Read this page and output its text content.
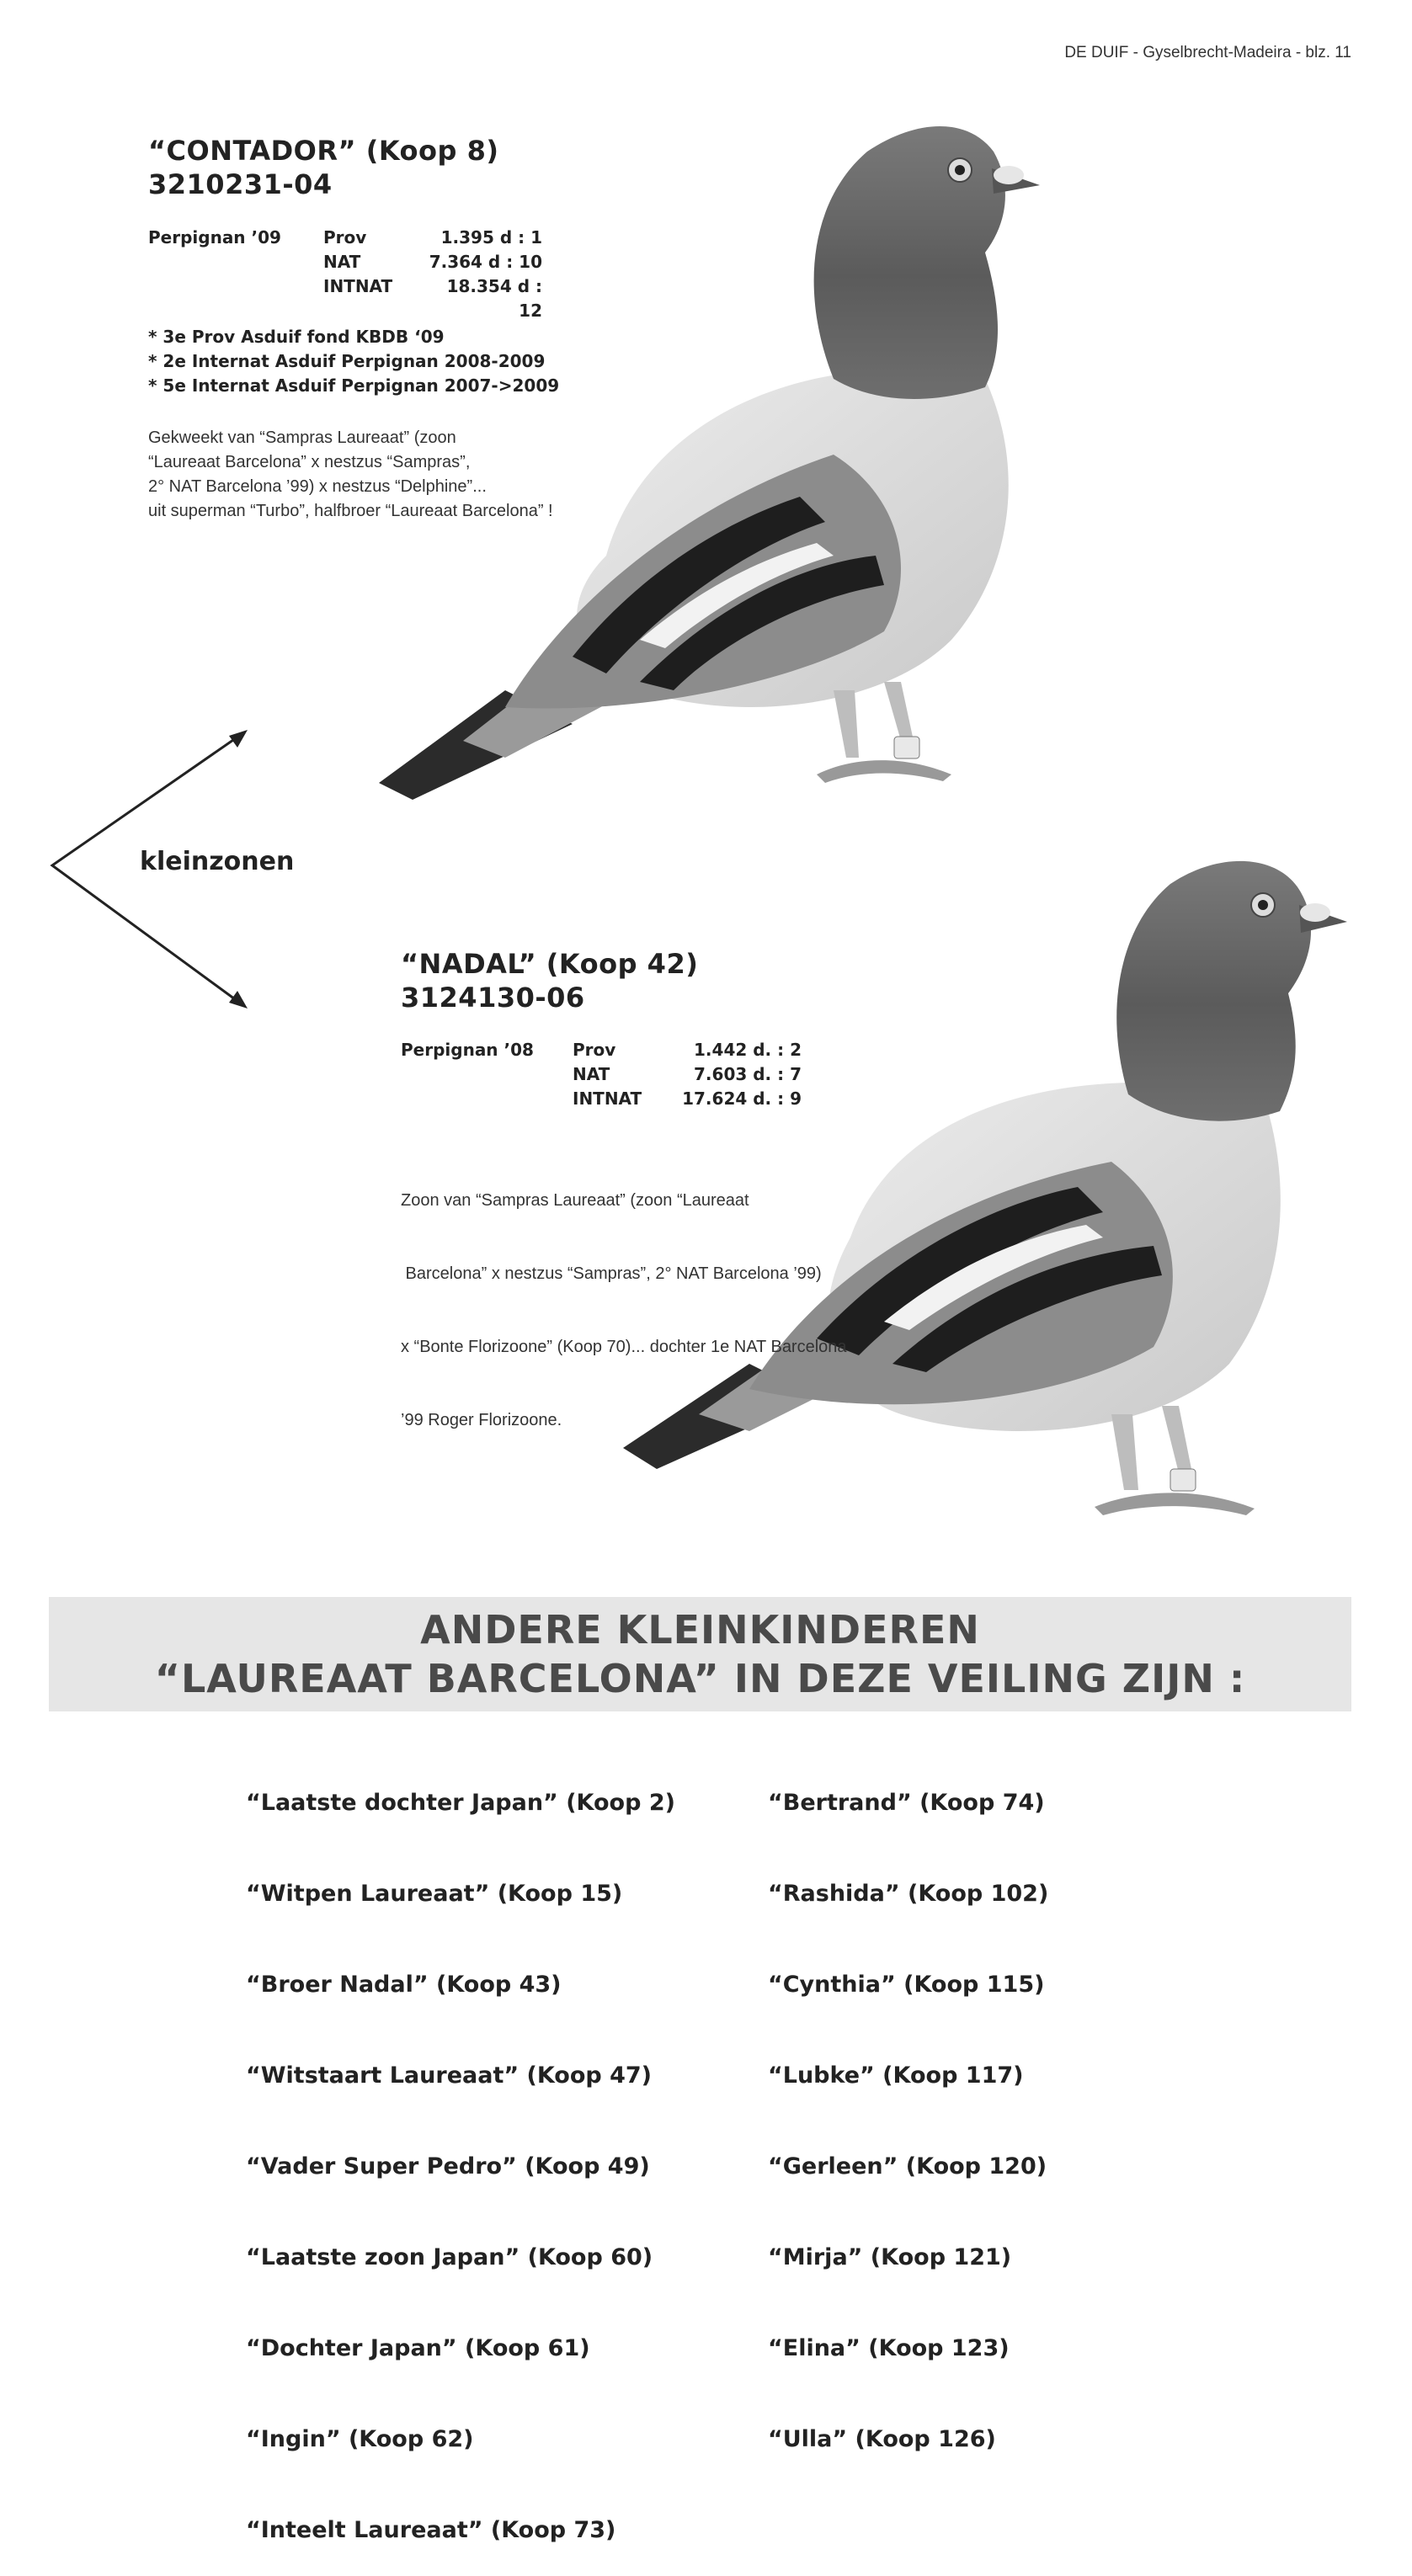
DE DUIF - Gyselbrecht-Madeira - blz. 11
“CONTADOR” (Koop 8)
3210231-04
Perpignan ’09	Prov	1.395 d : 1
NAT	7.364 d : 10
INTNAT	18.354 d : 12
* 3e Prov Asduif fond KBDB ‘09
* 2e Internat Asduif Perpignan 2008-2009
* 5e Internat Asduif Perpignan 2007->2009
Gekweekt van “Sampras Laureaat” (zoon
“Laureaat Barcelona” x nestzus “Sampras”,
2° NAT Barcelona ’99) x nestzus “Delphine”...
uit superman “Turbo”, halfbroer “Laureaat Barcelona” !
kleinzonen
“NADAL” (Koop 42)
3124130-06
Perpignan ’08 Prov	1.442 d. : 2
NAT	7.603 d. : 7
INTNAT	17.624 d. : 9

Zoon van “Sampras Laureaat” (zoon “Laureaat

Barcelona” x nestzus “Sampras”, 2° NAT Barcelona ’99)

x “Bonte Florizoone” (Koop 70)... dochter 1e NAT Barcelona

’99 Roger Florizoone.

ANDERE KLEINKINDEREN
“LAUREAAT BARCELONA” IN DEZE VEILING ZIJN :

“Laatste dochter Japan” (Koop 2)

“Witpen Laureaat” (Koop 15)

“Broer Nadal” (Koop 43)

“Witstaart Laureaat” (Koop 47)

“Vader Super Pedro” (Koop 49)

“Laatste zoon Japan” (Koop 60)

“Dochter Japan” (Koop 61)

“Ingin” (Koop 62)

“Inteelt Laureaat” (Koop 73)

“Bertrand” (Koop 74)

“Rashida” (Koop 102)

“Cynthia” (Koop 115)

“Lubke” (Koop 117)

“Gerleen” (Koop 120)

“Mirja” (Koop 121)

“Elina” (Koop 123)

“Ulla” (Koop 126)
